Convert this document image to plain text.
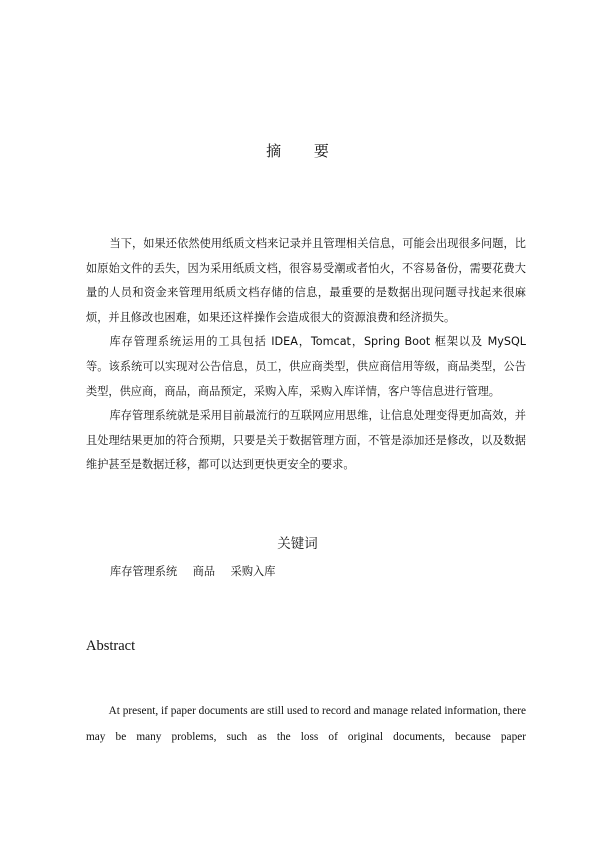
摘 要

当下，如果还依然使用纸质文档来记录并且管理相关信息，可能会出现很多问题，比如原始文件的丢失，因为采用纸质文档，很容易受潮或者怕火，不容易备份，需要花费大量的人员和资金来管理用纸质文档存储的信息，最重要的是数据出现问题寻找起来很麻烦，并且修改也困难，如果还这样操作会造成很大的资源浪费和经济损失。

库存管理系统运用的工具包括 IDEA，Tomcat，Spring Boot 框架以及 MySQL 等。该系统可以实现对公告信息，员工，供应商类型，供应商信用等级，商品类型，公告类型，供应商，商品，商品预定，采购入库，采购入库详情，客户等信息进行管理。

库存管理系统就是采用目前最流行的互联网应用思维，让信息处理变得更加高效，并且处理结果更加的符合预期，只要是关于数据管理方面，不管是添加还是修改，以及数据维护甚至是数据迁移，都可以达到更快更安全的要求。

关键词
库存管理系统 商品 采购入库
Abstract

At present, if paper documents are still used to record and manage related information, there may be many problems, such as the loss of original documents, because paper
